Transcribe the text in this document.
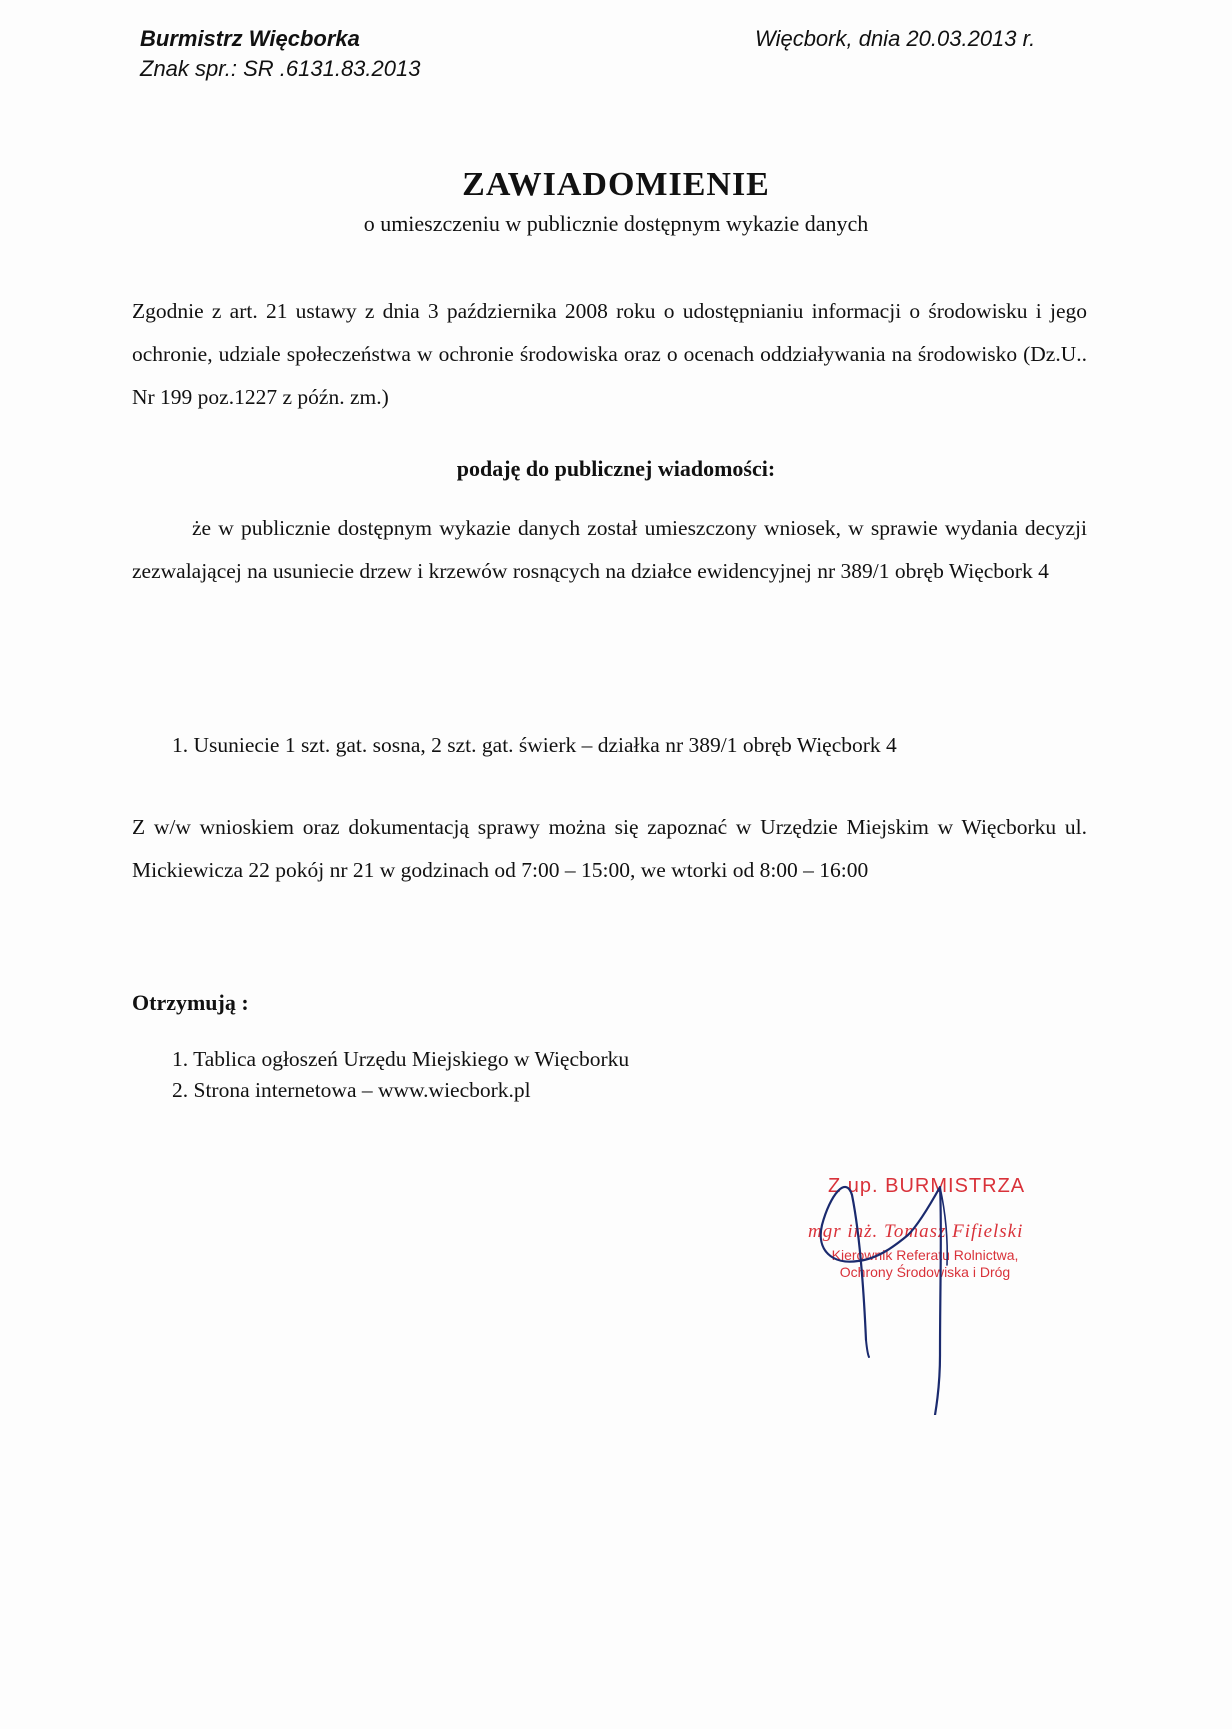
Burmistrz Więcborka
Znak spr.: SR .6131.83.2013
Więcbork, dnia 20.03.2013 r.
ZAWIADOMIENIE
o umieszczeniu w publicznie dostępnym wykazie danych
Zgodnie z art. 21 ustawy z dnia 3 października 2008 roku o udostępnianiu informacji o środowisku i jego ochronie, udziale społeczeństwa w ochronie środowiska oraz o ocenach oddziaływania na środowisko (Dz.U.. Nr 199 poz.1227 z późn. zm.)
podaję do publicznej wiadomości:
że w publicznie dostępnym wykazie danych został umieszczony wniosek, w sprawie wydania decyzji zezwalającej na usuniecie drzew i krzewów rosnących na działce ewidencyjnej nr 389/1 obręb Więcbork 4
1. Usuniecie 1 szt. gat. sosna, 2 szt. gat. świerk – działka nr 389/1 obręb Więcbork 4
Z w/w wnioskiem oraz dokumentacją sprawy można się zapoznać w Urzędzie Miejskim w Więcborku ul. Mickiewicza 22 pokój nr 21 w godzinach od 7:00 – 15:00, we wtorki od 8:00 – 16:00
Otrzymują :
1. Tablica ogłoszeń Urzędu Miejskiego w Więcborku
2. Strona internetowa – www.wiecbork.pl
Z up. BURMISTRZA
mgr inż. Tomasz Fifielski
Kierownik Referatu Rolnictwa,
Ochrony Środowiska i Dróg
